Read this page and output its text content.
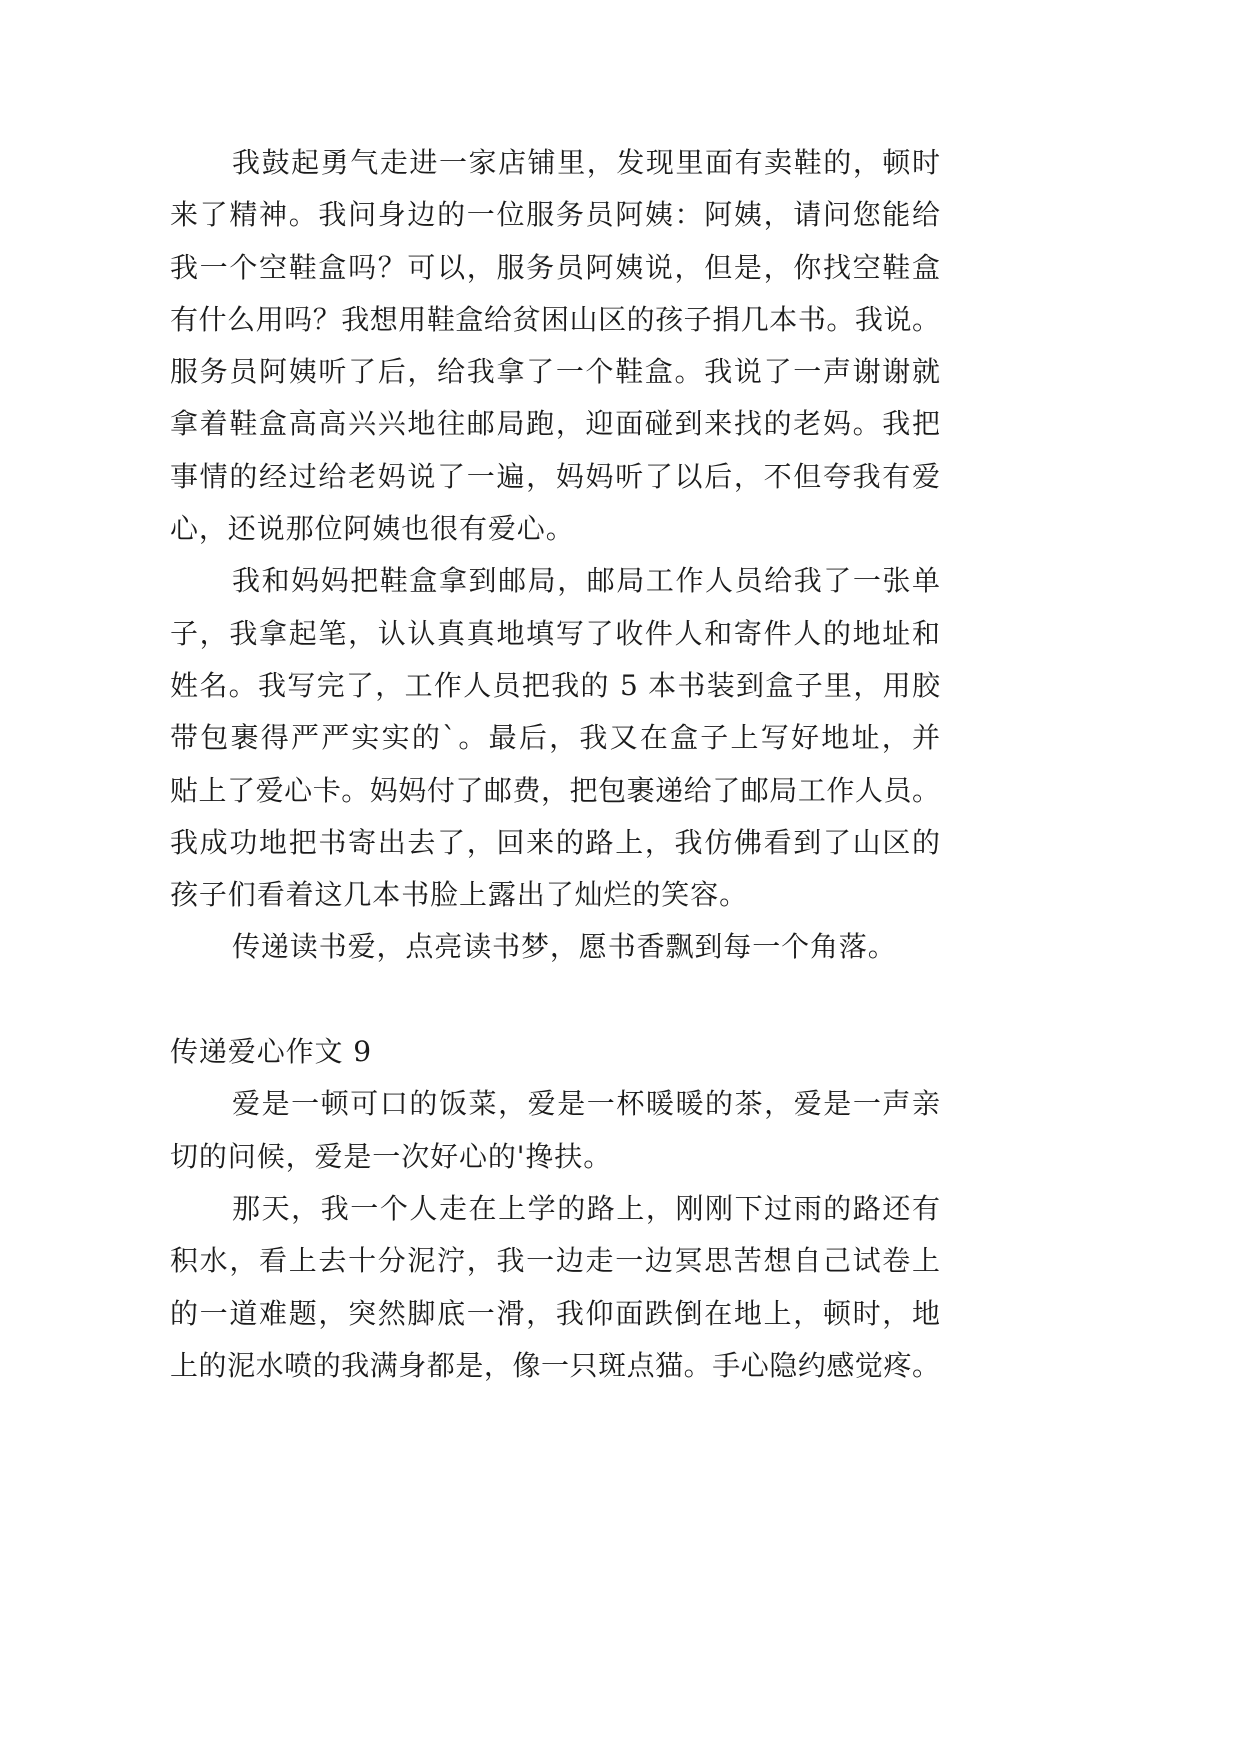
我鼓起勇气走进一家店铺里，发现里面有卖鞋的，顿时
来了精神。我问身边的一位服务员阿姨：阿姨，请问您能给
我一个空鞋盒吗？可以，服务员阿姨说，但是，你找空鞋盒
有什么用吗？我想用鞋盒给贫困山区的孩子捐几本书。我说。
服务员阿姨听了后，给我拿了一个鞋盒。我说了一声谢谢就
拿着鞋盒高高兴兴地往邮局跑，迎面碰到来找的老妈。我把
事情的经过给老妈说了一遍，妈妈听了以后，不但夸我有爱
心，还说那位阿姨也很有爱心。
我和妈妈把鞋盒拿到邮局，邮局工作人员给我了一张单
子，我拿起笔，认认真真地填写了收件人和寄件人的地址和
姓名。我写完了，工作人员把我的 5 本书装到盒子里，用胶
带包裹得严严实实的`。最后，我又在盒子上写好地址，并
贴上了爱心卡。妈妈付了邮费，把包裹递给了邮局工作人员。
我成功地把书寄出去了，回来的路上，我仿佛看到了山区的
孩子们看着这几本书脸上露出了灿烂的笑容。
传递读书爱，点亮读书梦，愿书香飘到每一个角落。
传递爱心作文 9
爱是一顿可口的饭菜，爱是一杯暖暖的茶，爱是一声亲
切的问候，爱是一次好心的'搀扶。
那天，我一个人走在上学的路上，刚刚下过雨的路还有
积水，看上去十分泥泞，我一边走一边冥思苦想自己试卷上
的一道难题，突然脚底一滑，我仰面跌倒在地上，顿时，地
上的泥水喷的我满身都是，像一只斑点猫。手心隐约感觉疼。
